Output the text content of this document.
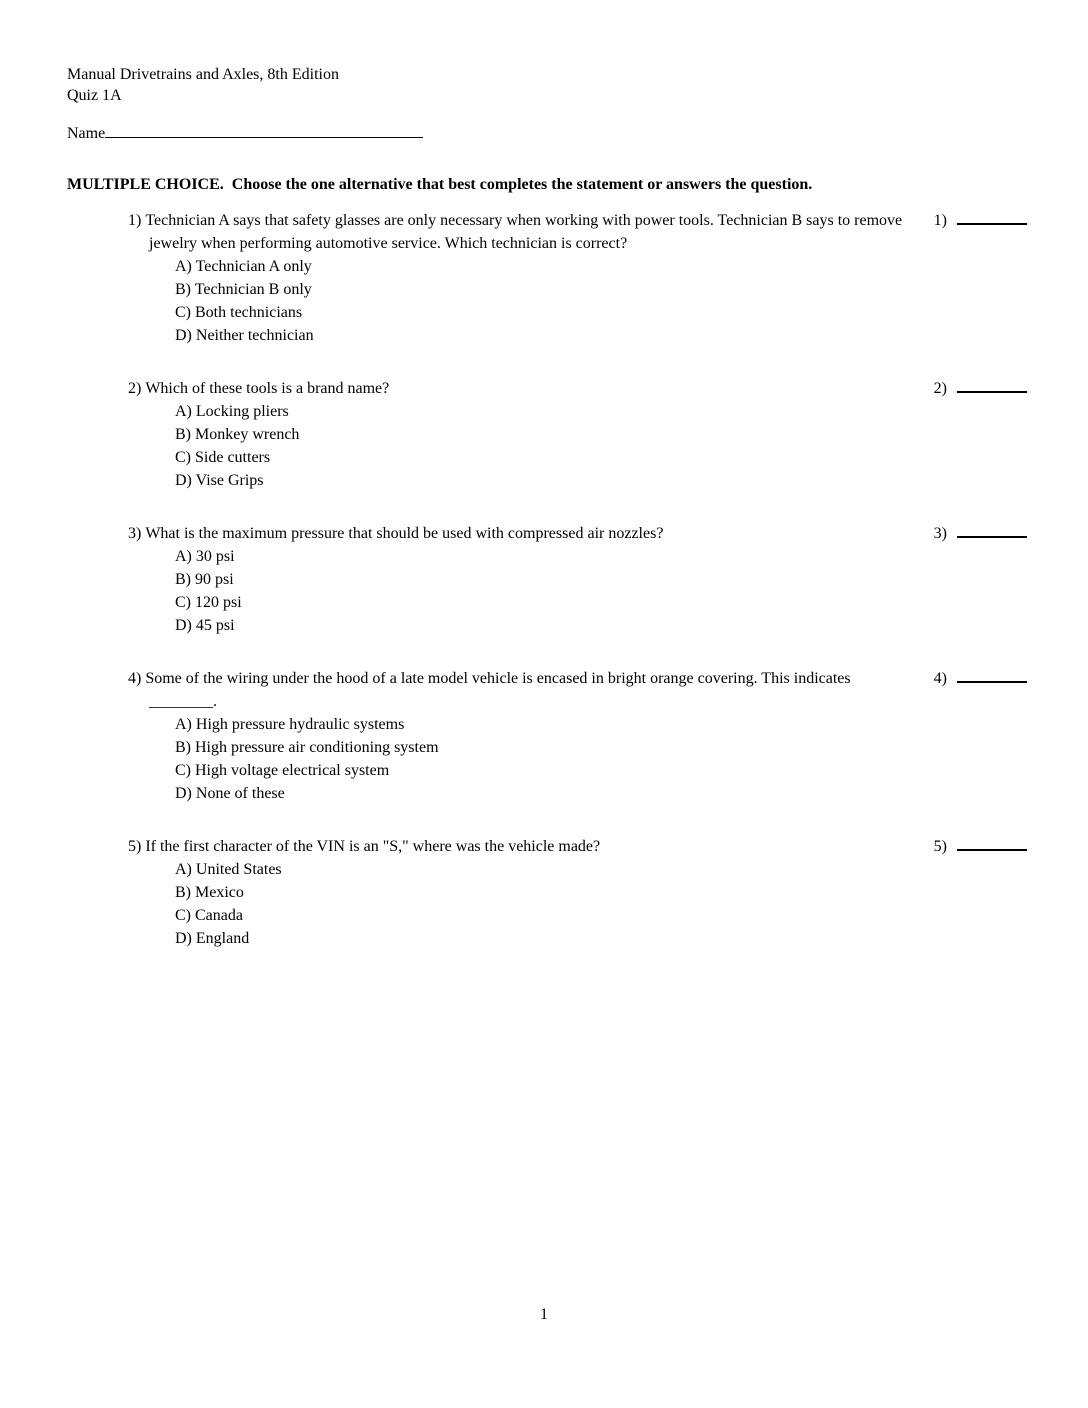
Manual Drivetrains and Axles, 8th Edition
Quiz 1A
Name
MULTIPLE CHOICE.  Choose the one alternative that best completes the statement or answers the question.
1) Technician A says that safety glasses are only necessary when working with power tools. Technician B says to remove jewelry when performing automotive service. Which technician is correct?
A) Technician A only
B) Technician B only
C) Both technicians
D) Neither technician
1)
2) Which of these tools is a brand name?
A) Locking pliers
B) Monkey wrench
C) Side cutters
D) Vise Grips
2)
3) What is the maximum pressure that should be used with compressed air nozzles?
A) 30 psi
B) 90 psi
C) 120 psi
D) 45 psi
3)
4) Some of the wiring under the hood of a late model vehicle is encased in bright orange covering. This indicates ________.
A) High pressure hydraulic systems
B) High pressure air conditioning system
C) High voltage electrical system
D) None of these
4)
5) If the first character of the VIN is an "S," where was the vehicle made?
A) United States
B) Mexico
C) Canada
D) England
5)
1
